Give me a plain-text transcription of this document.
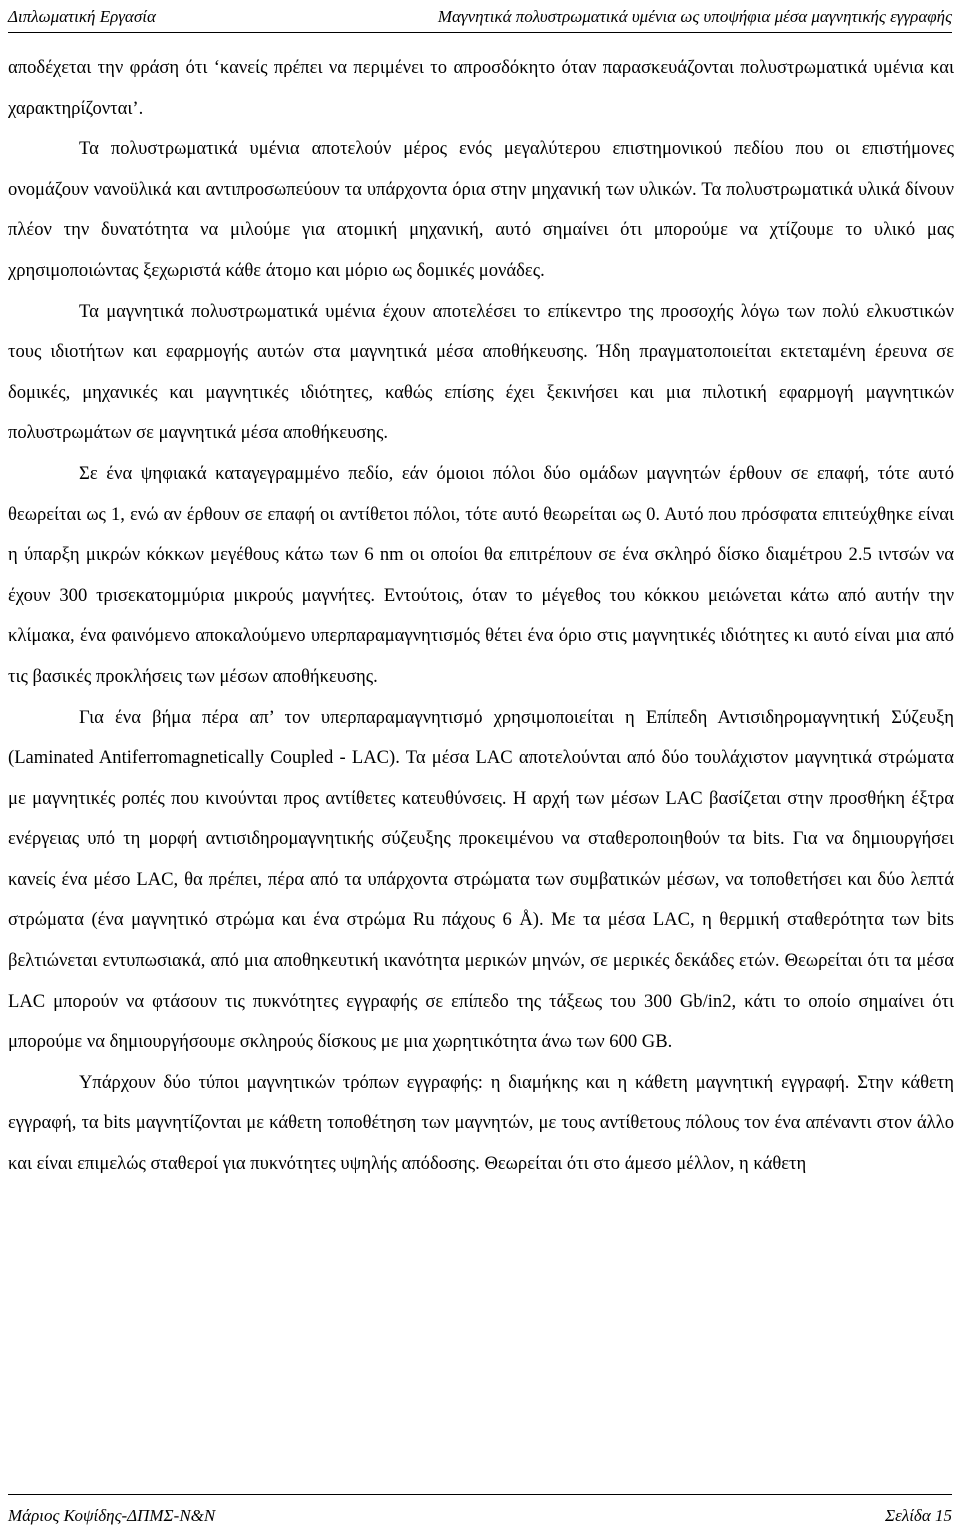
Διπλωματική Εργασία	Μαγνητικά πολυστρωματικά υμένια ως υποψήφια μέσα μαγνητικής εγγραφής

αποδέχεται την φράση ότι ‘κανείς πρέπει να περιμένει το απροσδόκητο όταν παρασκευάζονται πολυστρωματικά υμένια και χαρακτηρίζονται’.

Τα πολυστρωματικά υμένια αποτελούν μέρος ενός μεγαλύτερου επιστημονικού πεδίου που οι επιστήμονες ονομάζουν νανοϋλικά και αντιπροσωπεύουν τα υπάρχοντα όρια στην μηχανική των υλικών. Τα πολυστρωματικά υλικά δίνουν πλέον την δυνατότητα να μιλούμε για ατομική μηχανική, αυτό σημαίνει ότι μπορούμε να χτίζουμε το υλικό μας χρησιμοποιώντας ξεχωριστά κάθε άτομο και μόριο ως δομικές μονάδες.

Τα μαγνητικά πολυστρωματικά υμένια έχουν αποτελέσει το επίκεντρο της προσοχής λόγω των πολύ ελκυστικών τους ιδιοτήτων και εφαρμογής αυτών στα μαγνητικά μέσα αποθήκευσης. Ήδη πραγματοποιείται εκτεταμένη έρευνα σε δομικές, μηχανικές και μαγνητικές ιδιότητες, καθώς επίσης έχει ξεκινήσει και μια πιλοτική εφαρμογή μαγνητικών πολυστρωμάτων σε μαγνητικά μέσα αποθήκευσης.

Σε ένα ψηφιακά καταγεγραμμένο πεδίο, εάν όμοιοι πόλοι δύο ομάδων μαγνητών έρθουν σε επαφή, τότε αυτό θεωρείται ως 1, ενώ αν έρθουν σε επαφή οι αντίθετοι πόλοι, τότε αυτό θεωρείται ως 0. Αυτό που πρόσφατα επιτεύχθηκε είναι η ύπαρξη μικρών κόκκων μεγέθους κάτω των 6 nm οι οποίοι θα επιτρέπουν σε ένα σκληρό δίσκο διαμέτρου 2.5 ιντσών να έχουν 300 τρισεκατομμύρια μικρούς μαγνήτες. Εντούτοις, όταν το μέγεθος του κόκκου μειώνεται κάτω από αυτήν την κλίμακα, ένα φαινόμενο αποκαλούμενο υπερπαραμαγνητισμός θέτει ένα όριο στις μαγνητικές ιδιότητες κι αυτό είναι μια από τις βασικές προκλήσεις των μέσων αποθήκευσης.

Για ένα βήμα πέρα απ’ τον υπερπαραμαγνητισμό χρησιμοποιείται η Επίπεδη Αντισιδηρομαγνητική Σύζευξη (Laminated Antiferromagnetically Coupled - LAC). Τα μέσα LAC αποτελούνται από δύο τουλάχιστον μαγνητικά στρώματα με μαγνητικές ροπές που κινούνται προς αντίθετες κατευθύνσεις. Η αρχή των μέσων LAC βασίζεται στην προσθήκη έξτρα ενέργειας υπό τη μορφή αντισιδηρομαγνητικής σύζευξης προκειμένου να σταθεροποιηθούν τα bits. Για να δημιουργήσει κανείς ένα μέσο LAC, θα πρέπει, πέρα από τα υπάρχοντα στρώματα των συμβατικών μέσων, να τοποθετήσει και δύο λεπτά στρώματα (ένα μαγνητικό στρώμα και ένα στρώμα Ru πάχους 6 Å). Με τα μέσα LAC, η θερμική σταθερότητα των bits βελτιώνεται εντυπωσιακά, από μια αποθηκευτική ικανότητα μερικών μηνών, σε μερικές δεκάδες ετών. Θεωρείται ότι τα μέσα LAC μπορούν να φτάσουν τις πυκνότητες εγγραφής σε επίπεδο της τάξεως του 300 Gb/in2, κάτι το οποίο σημαίνει ότι μπορούμε να δημιουργήσουμε σκληρούς δίσκους με μια χωρητικότητα άνω των 600 GB.

Υπάρχουν δύο τύποι μαγνητικών τρόπων εγγραφής: η διαμήκης και η κάθετη μαγνητική εγγραφή. Στην κάθετη εγγραφή, τα bits μαγνητίζονται με κάθετη τοποθέτηση των μαγνητών, με τους αντίθετους πόλους τον ένα απέναντι στον άλλο και είναι επιμελώς σταθεροί για πυκνότητες υψηλής απόδοσης. Θεωρείται ότι στο άμεσο μέλλον, η κάθετη

Μάριος Κοψίδης-ΔΠΜΣ-Ν&Ν	Σελίδα 15
